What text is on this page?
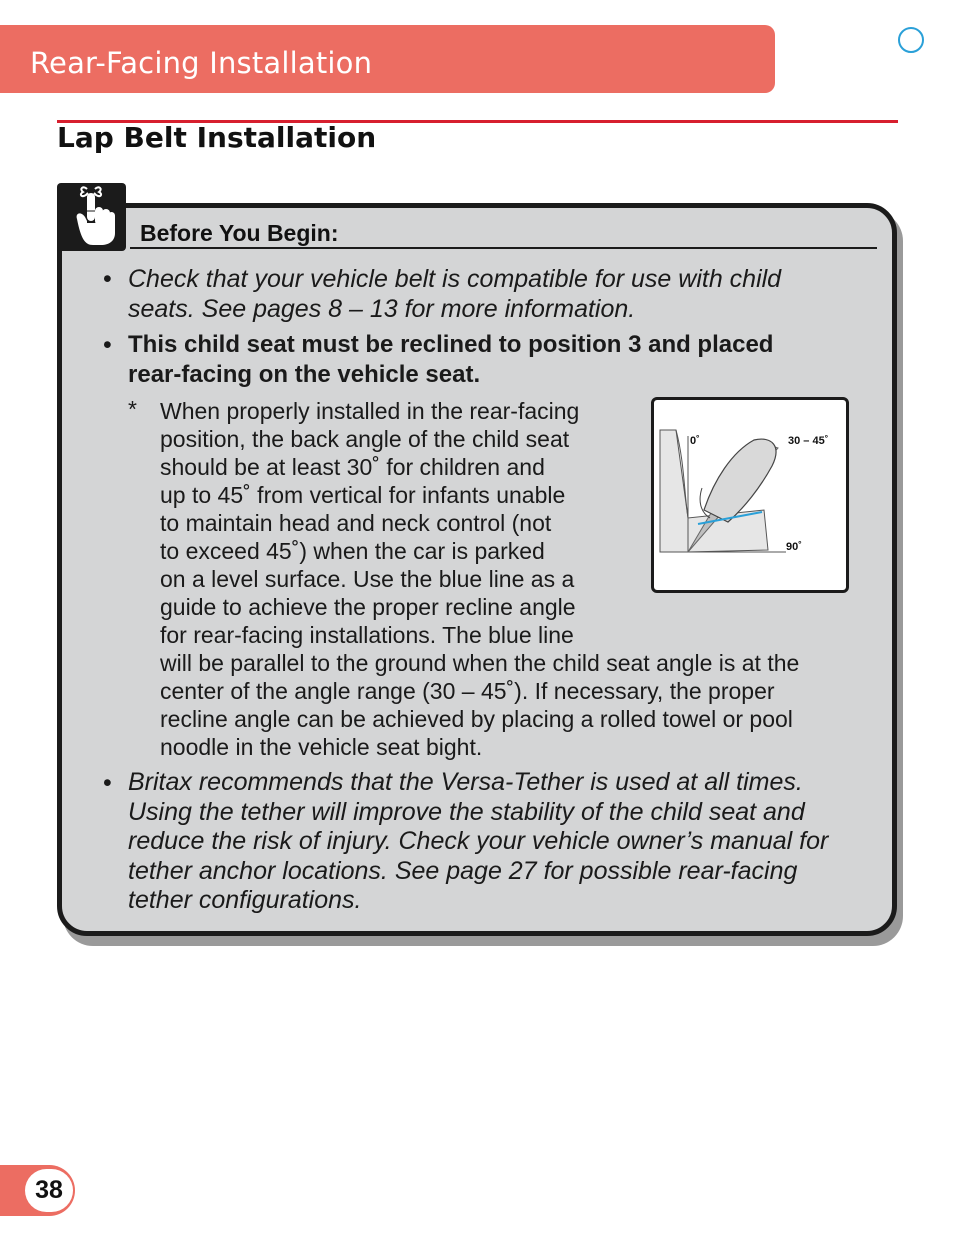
Rear-Facing Installation
Lap Belt Installation
Before You Begin:
• Check that your vehicle belt is compatible for use with child
seats. See pages 8 – 13 for more information.
• This child seat must be reclined to position 3 and placed
rear-facing on the vehicle seat.
* When properly installed in the rear-facing
position, the back angle of the child seat
should be at least 30˚ for children and
up to 45˚ from vertical for infants unable
to maintain head and neck control (not
to exceed 45˚) when the car is parked
on a level surface. Use the blue line as a
guide to achieve the proper recline angle
for rear-facing installations. The blue line
will be parallel to the ground when the child seat angle is at the
center of the angle range (30 – 45˚). If necessary, the proper
recline angle can be achieved by placing a rolled towel or pool
noodle in the vehicle seat bight.
0˚	30 – 45˚
90˚
• Britax recommends that the Versa-Tether is used at all times.
Using the tether will improve the stability of the child seat and
reduce the risk of injury. Check your vehicle owner’s manual for
tether anchor locations. See page 27 for possible rear-facing
tether configurations.
38
